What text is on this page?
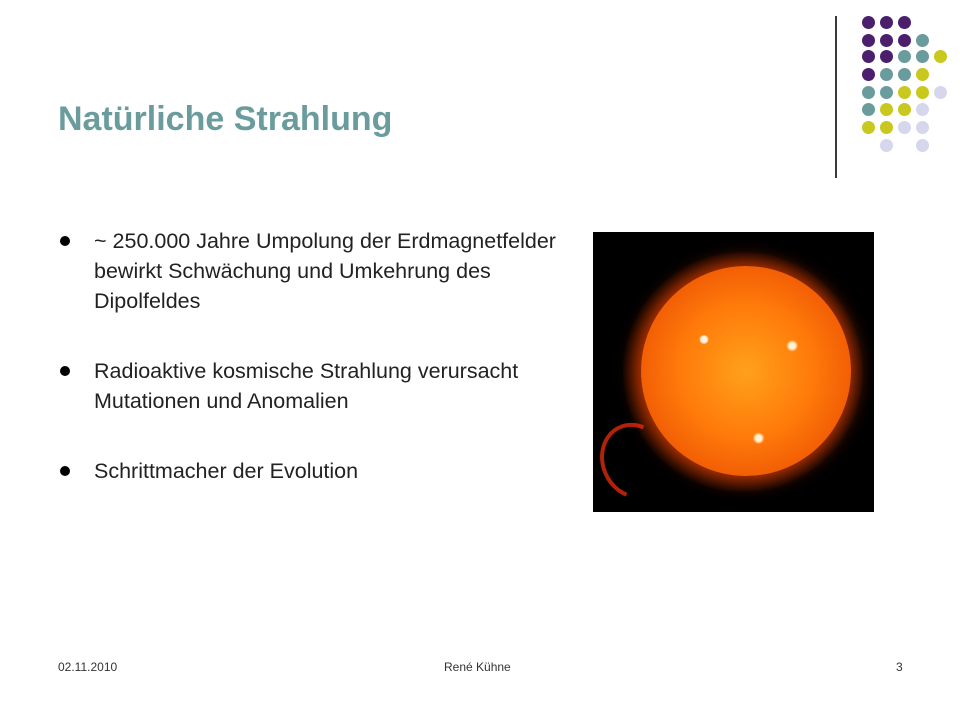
Natürliche Strahlung
~ 250.000 Jahre Umpolung der Erdmagnetfelder bewirkt Schwächung und Umkehrung des Dipolfeldes
Radioaktive kosmische Strahlung verursacht Mutationen und Anomalien
Schrittmacher der Evolution
02.11.2010	René Kühne	3
